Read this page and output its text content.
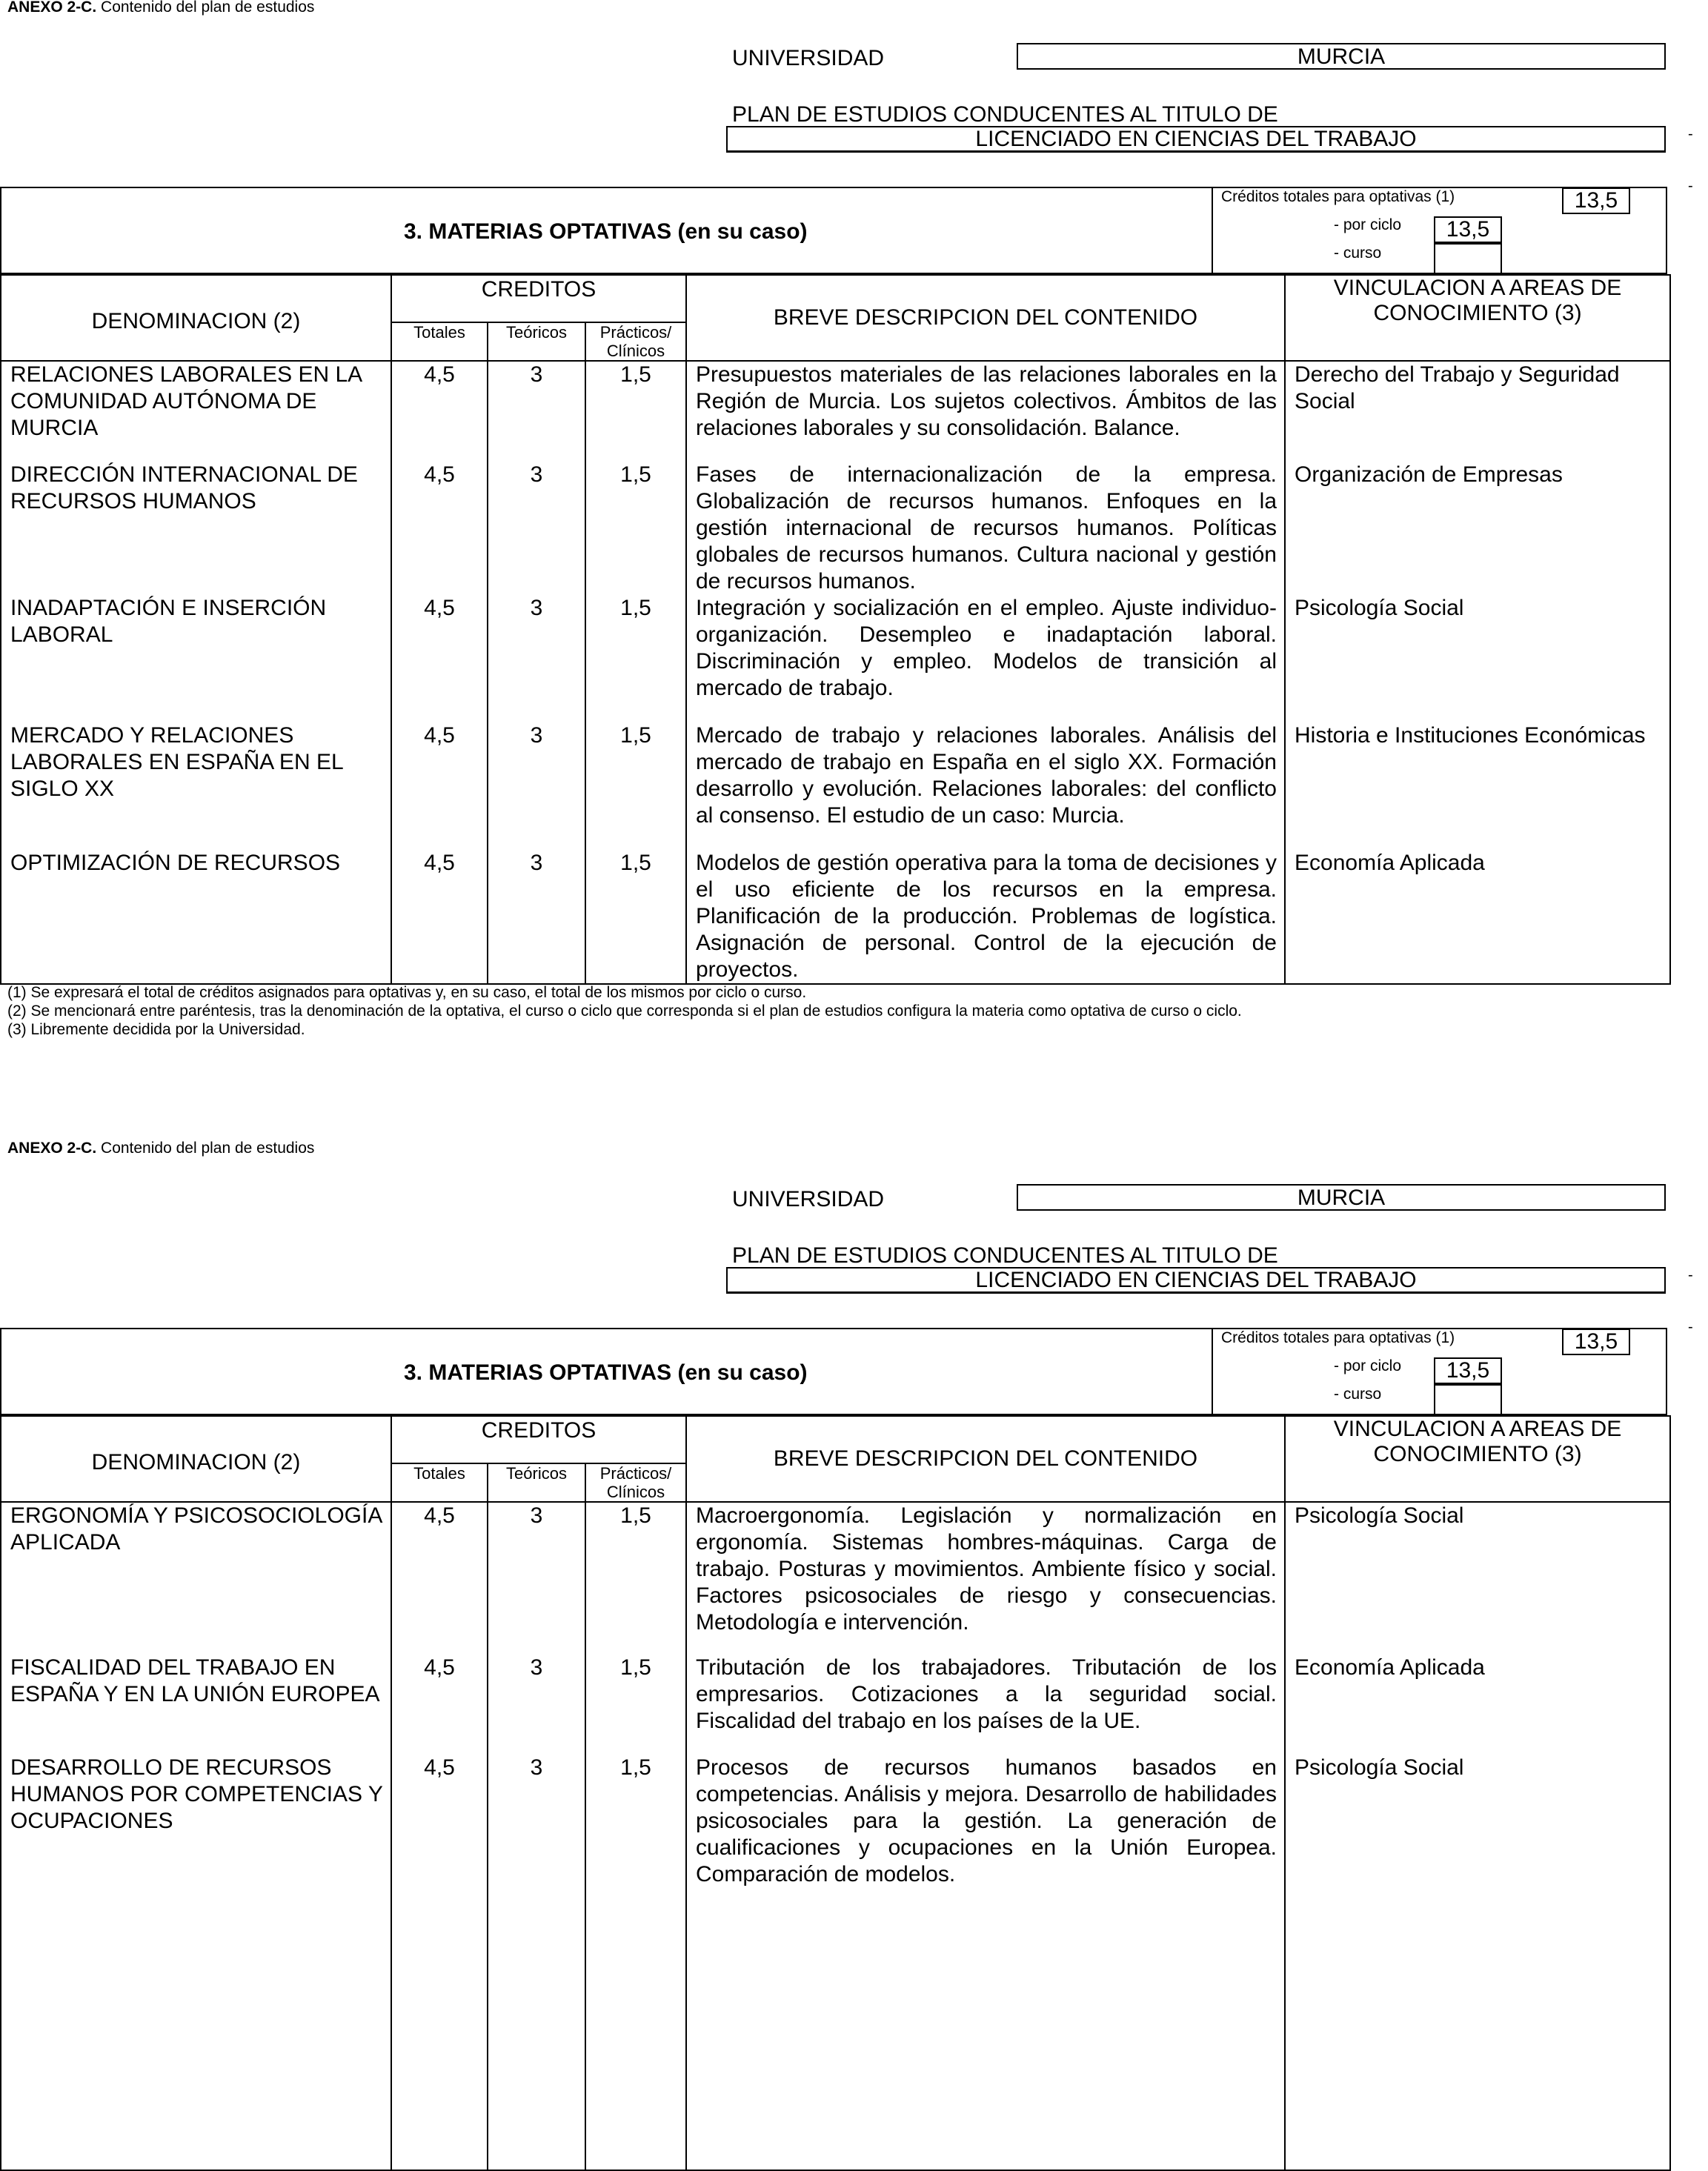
ANEXO 2-C. Contenido del plan de estudios
UNIVERSIDAD	MURCIA
PLAN DE ESTUDIOS CONDUCENTES AL TITULO DE
LICENCIADO EN CIENCIAS DEL TRABAJO
3. MATERIAS OPTATIVAS (en su caso)
Créditos totales para optativas (1)	13,5
- por ciclo	13,5
- curso
DENOMINACION (2)	CREDITOS			BREVE DESCRIPCION DEL CONTENIDO	VINCULACION A AREAS DE CONOCIMIENTO (3)
	Totales	Teóricos	Prácticos/ Clínicos		
RELACIONES LABORALES EN LA COMUNIDAD AUTÓNOMA DE MURCIA	4,5	3	1,5	Presupuestos materiales de las relaciones laborales en la Región de Murcia. Los sujetos colectivos. Ámbitos de las relaciones laborales y su consolidación. Balance.	Derecho del Trabajo y Seguridad Social
DIRECCIÓN INTERNACIONAL DE RECURSOS HUMANOS	4,5	3	1,5	Fases de internacionalización de la empresa. Globalización de recursos humanos. Enfoques en la gestión internacional de recursos humanos. Políticas globales de recursos humanos. Cultura nacional y gestión de recursos humanos.	Organización de Empresas
INADAPTACIÓN E INSERCIÓN LABORAL	4,5	3	1,5	Integración y socialización en el empleo. Ajuste individuo-organización. Desempleo e inadaptación laboral. Discriminación y empleo. Modelos de transición al mercado de trabajo.	Psicología Social
MERCADO Y RELACIONES LABORALES EN ESPAÑA EN EL SIGLO XX	4,5	3	1,5	Mercado de trabajo y relaciones laborales. Análisis del mercado de trabajo en España en el siglo XX. Formación desarrollo y evolución. Relaciones laborales: del conflicto al consenso. El estudio de un caso: Murcia.	Historia e Instituciones Económicas
OPTIMIZACIÓN DE RECURSOS	4,5	3	1,5	Modelos de gestión operativa para la toma de decisiones y el uso eficiente de los recursos en la empresa. Planificación de la producción. Problemas de logística. Asignación de personal. Control de la ejecución de proyectos.	Economía Aplicada
(1) Se expresará el total de créditos asignados para optativas y, en su caso, el total de los mismos por ciclo o curso.
(2) Se mencionará entre paréntesis, tras la denominación de la optativa, el curso o ciclo que corresponda si el plan de estudios configura la materia como optativa de curso o ciclo.
(3) Libremente decidida por la Universidad.
-
-
ANEXO 2-C. Contenido del plan de estudios
UNIVERSIDAD	MURCIA
PLAN DE ESTUDIOS CONDUCENTES AL TITULO DE
LICENCIADO EN CIENCIAS DEL TRABAJO
3. MATERIAS OPTATIVAS (en su caso)
Créditos totales para optativas (1)	13,5
- por ciclo	13,5
- curso
DENOMINACION (2)	CREDITOS			BREVE DESCRIPCION DEL CONTENIDO	VINCULACION A AREAS DE CONOCIMIENTO (3)
	Totales	Teóricos	Prácticos/ Clínicos		
ERGONOMÍA Y PSICOSOCIOLOGÍA APLICADA	4,5	3	1,5	Macroergonomía. Legislación y normalización en ergonomía. Sistemas hombres-máquinas. Carga de trabajo. Posturas y movimientos. Ambiente físico y social. Factores psicosociales de riesgo y consecuencias. Metodología e intervención.	Psicología Social
FISCALIDAD DEL TRABAJO EN ESPAÑA Y EN LA UNIÓN EUROPEA	4,5	3	1,5	Tributación de los trabajadores. Tributación de los empresarios. Cotizaciones a la seguridad social. Fiscalidad del trabajo en los países de la UE.	Economía Aplicada
DESARROLLO DE RECURSOS HUMANOS POR COMPETENCIAS Y OCUPACIONES	4,5	3	1,5	Procesos de recursos humanos basados en competencias. Análisis y mejora. Desarrollo de habilidades psicosociales para la gestión. La generación de cualificaciones y ocupaciones en la Unión Europea. Comparación de modelos.	Psicología Social
-
-
